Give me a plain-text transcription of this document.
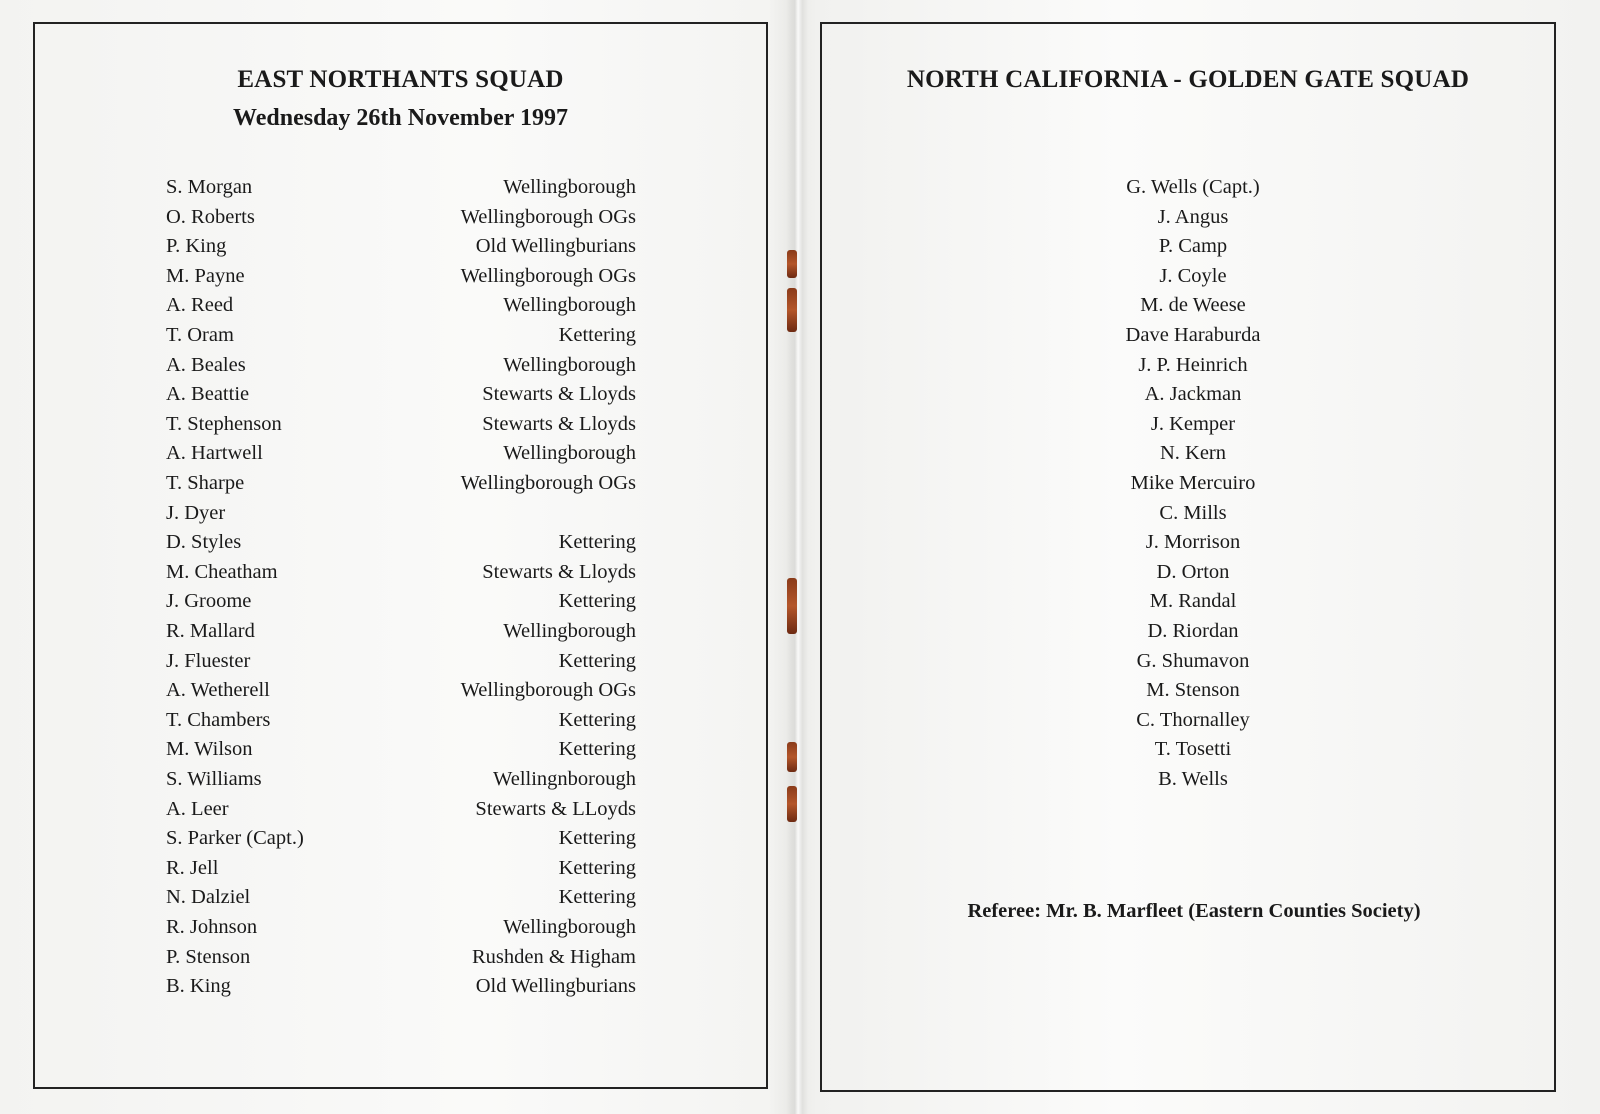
EAST NORTHANTS SQUAD
Wednesday 26th November 1997
S. Morgan	Wellingborough
O. Roberts	Wellingborough OGs
P. King	Old Wellingburians
M. Payne	Wellingborough OGs
A. Reed	Wellingborough
T. Oram	Kettering
A. Beales	Wellingborough
A. Beattie	Stewarts & Lloyds
T. Stephenson	Stewarts & Lloyds
A. Hartwell	Wellingborough
T. Sharpe	Wellingborough OGs
J. Dyer
D. Styles	Kettering
M. Cheatham	Stewarts & Lloyds
J. Groome	Kettering
R. Mallard	Wellingborough
J. Fluester	Kettering
A. Wetherell	Wellingborough OGs
T. Chambers	Kettering
M. Wilson	Kettering
S. Williams	Wellingnborough
A. Leer	Stewarts & LLoyds
S. Parker (Capt.)	Kettering
R. Jell	Kettering
N. Dalziel	Kettering
R. Johnson	Wellingborough
P. Stenson	Rushden & Higham
B. King	Old Wellingburians
NORTH CALIFORNIA - GOLDEN GATE SQUAD
G. Wells (Capt.)
J. Angus
P. Camp
J. Coyle
M. de Weese
Dave Haraburda
J. P. Heinrich
A. Jackman
J. Kemper
N. Kern
Mike Mercuiro
C. Mills
J. Morrison
D. Orton
M. Randal
D. Riordan
G. Shumavon
M. Stenson
C. Thornalley
T. Tosetti
B. Wells
Referee: Mr. B. Marfleet (Eastern Counties Society)
